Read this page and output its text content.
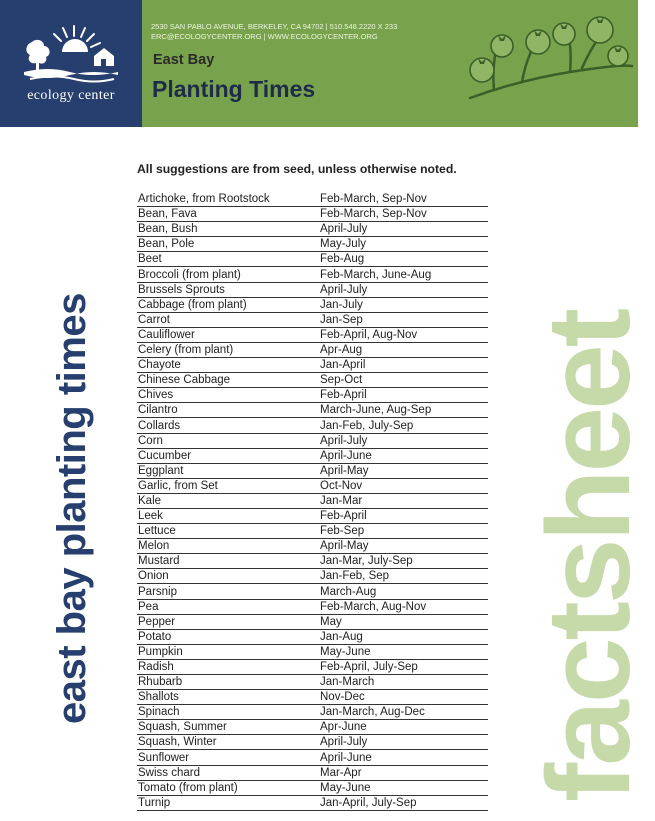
ecology center
2530 SAN PABLO AVENUE, BERKELEY, CA 94702 | 510.548.2220 X 233
ERC@ECOLOGYCENTER.ORG | WWW.ECOLOGYCENTER.ORG
East Bay
Planting Times
east bay planting times	factsheet
All suggestions are from seed, unless otherwise noted.
Artichoke, from Rootstock	Feb-March, Sep-Nov
Bean, Fava	Feb-March, Sep-Nov
Bean, Bush	April-July
Bean, Pole	May-July
Beet	Feb-Aug
Broccoli (from plant)	Feb-March, June-Aug
Brussels Sprouts	April-July
Cabbage (from plant)	Jan-July
Carrot	Jan-Sep
Cauliflower	Feb-April, Aug-Nov
Celery (from plant)	Apr-Aug
Chayote	Jan-April
Chinese Cabbage	Sep-Oct
Chives	Feb-April
Cilantro	March-June, Aug-Sep
Collards	Jan-Feb, July-Sep
Corn	April-July
Cucumber	April-June
Eggplant	April-May
Garlic, from Set	Oct-Nov
Kale	Jan-Mar
Leek	Feb-April
Lettuce	Feb-Sep
Melon	April-May
Mustard	Jan-Mar, July-Sep
Onion	Jan-Feb, Sep
Parsnip	March-Aug
Pea	Feb-March, Aug-Nov
Pepper	May
Potato	Jan-Aug
Pumpkin	May-June
Radish	Feb-April, July-Sep
Rhubarb	Jan-March
Shallots	Nov-Dec
Spinach	Jan-March, Aug-Dec
Squash, Summer	Apr-June
Squash, Winter	April-July
Sunflower	April-June
Swiss chard	Mar-Apr
Tomato (from plant)	May-June
Turnip	Jan-April, July-Sep
